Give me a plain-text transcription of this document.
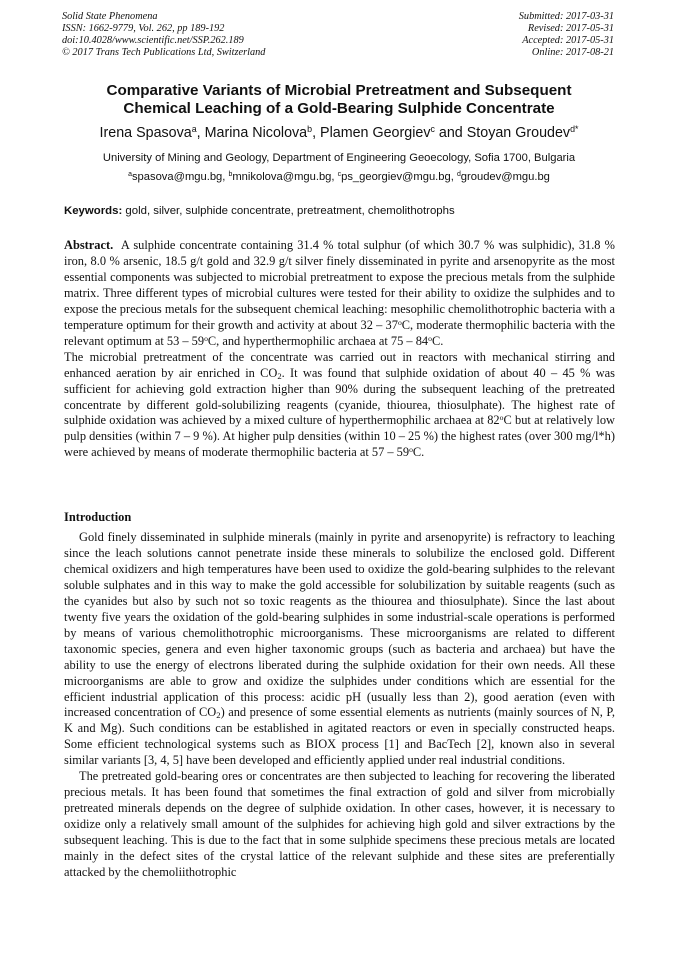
Solid State Phenomena
ISSN: 1662-9779, Vol. 262, pp 189-192
doi:10.4028/www.scientific.net/SSP.262.189
© 2017 Trans Tech Publications Ltd, Switzerland
Submitted: 2017-03-31
Revised: 2017-05-31
Accepted: 2017-05-31
Online: 2017-08-21
Comparative Variants of Microbial Pretreatment and Subsequent
Chemical Leaching of a Gold-Bearing Sulphide Concentrate
Irena Spasova$^a$, Marina Nicolova$^b$, Plamen Georgiev$^c$ and Stoyan Groudev$^{d*}$
University of Mining and Geology, Department of Engineering Geoecology, Sofia 1700, Bulgaria
$^a$spasova@mgu.bg, $^b$mnikolova@mgu.bg, $^c$ps_georgiev@mgu.bg, $^d$groudev@mgu.bg
Keywords: gold, silver, sulphide concentrate, pretreatment, chemolithotrophs

Abstract. A sulphide concentrate containing 31.4 % total sulphur (of which 30.7 % was sulphidic), 31.8 % iron, 8.0 % arsenic, 18.5 g/t gold and 32.9 g/t silver finely disseminated in pyrite and arsenopyrite as the most essential components was subjected to microbial pretreatment to expose the precious metals from the sulphide matrix. Three different types of microbial cultures were tested for their ability to oxidize the sulphides and to expose the precious metals for the subsequent chemical leaching: mesophilic chemolithotrophic bacteria with a temperature optimum for their growth and activity at about 32 – 37$^o$C, moderate thermophilic bacteria with the relevant optimum at 53 – 59$^o$C, and hyperthermophilic archaea at 75 – 84$^o$C.

The microbial pretreatment of the concentrate was carried out in reactors with mechanical stirring and enhanced aeration by air enriched in $CO_2$. It was found that sulphide oxidation of about 40 – 45 % was sufficient for achieving gold extraction higher than 90% during the subsequent leaching of the pretreated concentrate by different gold-solubilizing reagents (cyanide, thiourea, thiosulphate). The highest rate of sulphide oxidation was achieved by a mixed culture of hyperthermophilic archaea at 82$^o$C but at relatively low pulp densities (within 7 – 9 %). At higher pulp densities (within 10 – 25 %) the highest rates (over 300 mg/l*h) were achieved by means of moderate thermophilic bacteria at 57 – 59$^o$C.

Introduction

Gold finely disseminated in sulphide minerals (mainly in pyrite and arsenopyrite) is refractory to leaching since the leach solutions cannot penetrate inside these minerals to solubilize the enclosed gold. Different chemical oxidizers and high temperatures have been used to oxidize the gold-bearing sulphides to the relevant soluble sulphates and in this way to make the gold accessible for solubilization by suitable reagents (such as the cyanides but also by such not so toxic reagents as the thiourea and thiosulphate). Since the last about twenty five years the oxidation of the gold-bearing sulphides in some industrial-scale operations is performed by means of various chemolithotrophic microorganisms. These microorganisms are related to different taxonomic species, genera and even higher taxonomic groups (such as bacteria and archaea) but have the ability to use the energy of electrons liberated during the sulphide oxidation for their own needs. All these microorganisms are able to grow and oxidize the sulphides under conditions which are essential for the efficient industrial application of this process: acidic pH (usually less than 2), good aeration (even with increased concentration of $CO_2$) and presence of some essential elements as nutrients (mainly sources of N, P, K and Mg). Such conditions can be established in agitated reactors or even in specially constructed heaps. Some efficient technological systems such as BIOX process [1] and BacTech [2], known also in several similar variants [3, 4, 5] have been developed and efficiently applied under real industrial conditions.

The pretreated gold-bearing ores or concentrates are then subjected to leaching for recovering the liberated precious metals. It has been found that sometimes the final extraction of gold and silver from microbially pretreated minerals depends on the degree of sulphide oxidation. In other cases, however, it is necessary to oxidize only a relatively small amount of the sulphides for achieving high gold and silver extractions by the subsequent leaching. This is due to the fact that in some sulphide specimens these precious metals are located mainly in the defect sites of the crystal lattice of the relevant sulphide and these sites are preferentially attacked by the chemoliithotrophic
